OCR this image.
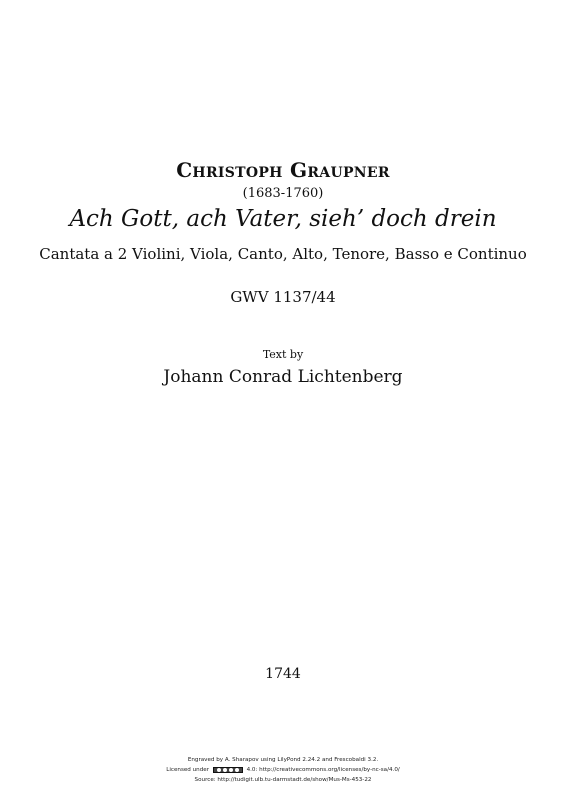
Christoph Graupner
(1683-1760)
Ach Gott, ach Vater, sieh’ doch drein
Cantata a 2 Violini, Viola, Canto, Alto, Tenore, Basso e Continuo
GWV 1137/44
Text by
Johann Conrad Lichtenberg
1744
Engraved by A. Sharapov using LilyPond 2.24.2 and Frescobaldi 3.2.
Licensed under	4.0: http://creativecommons.org/licenses/by-nc-sa/4.0/
Source: http://tudigit.ulb.tu-darmstadt.de/show/Mus-Ms-453-22
